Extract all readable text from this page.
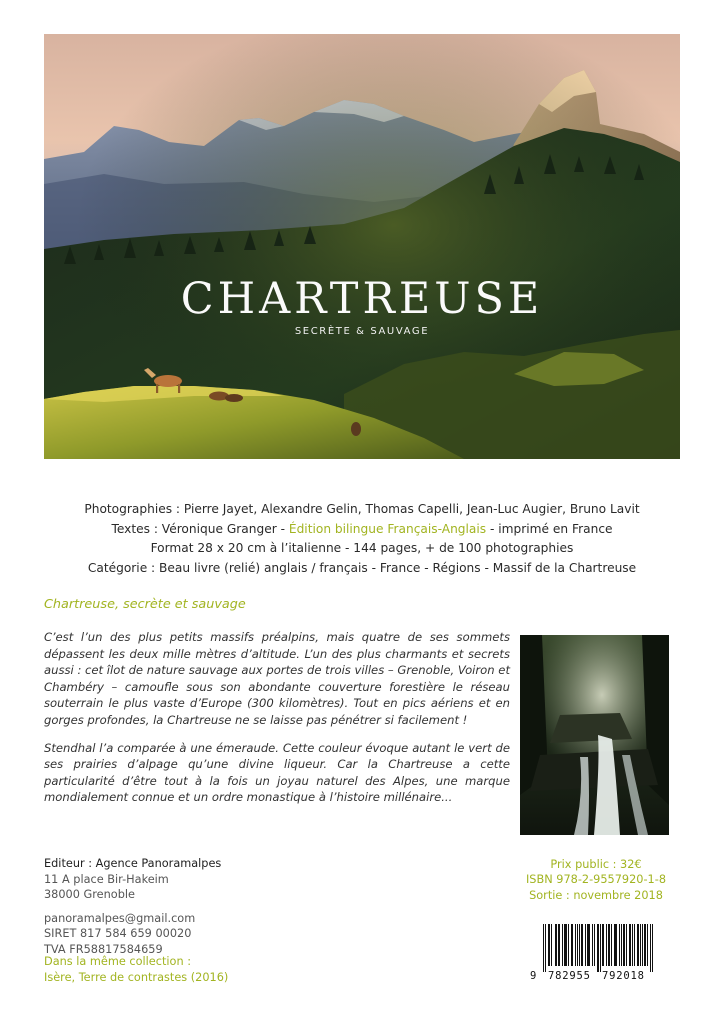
CHARTREUSE
SECRÈTE & SAUVAGE
Photographies : Pierre Jayet, Alexandre Gelin, Thomas Capelli, Jean-Luc Augier, Bruno Lavit
Textes : Véronique Granger - Édition bilingue Français-Anglais - imprimé en France
Format 28 x 20 cm à l’italienne - 144 pages, + de 100 photographies
Catégorie : Beau livre (relié) anglais / français - France - Régions - Massif de la Chartreuse
Chartreuse, secrète et sauvage

C’est l’un des plus petits massifs préalpins, mais quatre de ses sommets dépassent les deux mille mètres d’altitude. L’un des plus charmants et secrets aussi : cet îlot de nature sauvage aux portes de trois villes – Grenoble, Voiron et Chambéry – camoufle sous son abondante couverture forestière le réseau souterrain le plus vaste d’Europe (300 kilomètres). Tout en pics aériens et en gorges profondes, la Chartreuse ne se laisse pas pénétrer si facilement !

Stendhal l’a comparée à une émeraude. Cette couleur évoque autant le vert de ses prairies d’alpage qu’une divine liqueur. Car la Chartreuse a cette particularité d’être tout à la fois un joyau naturel des Alpes, une marque mondialement connue et un ordre monastique à l’histoire millénaire...

Editeur : Agence Panoramalpes
11 A place Bir-Hakeim
38000 Grenoble
panoramalpes@gmail.com
SIRET 817 584 659 00020
TVA FR58817584659
Dans la même collection :
Isère, Terre de contrastes (2016)
Prix public : 32€
ISBN 978-2-9557920-1-8
Sortie : novembre 2018
9 782955 792018
